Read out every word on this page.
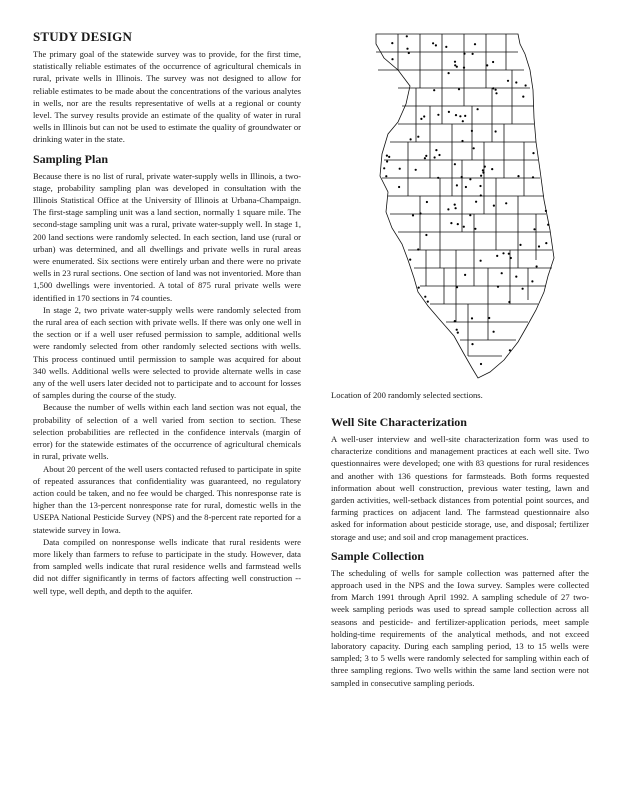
STUDY DESIGN

The primary goal of the statewide survey was to provide, for the first time, statistically reliable estimates of the occurrence of agricultural chemicals in rural, private wells in Illinois. The survey was not designed to allow for reliable estimates to be made about the concentrations of the various analytes in wells, nor are the results representative of wells at a regional or county level. The survey results provide an estimate of the quality of water in rural wells in Illinois but can not be used to estimate the quality of groundwater or drinking water in the state.

Sampling Plan

Because there is no list of rural, private water-supply wells in Illinois, a two-stage, probability sampling plan was developed in consultation with the Illinois Statistical Office at the University of Illinois at Urbana-Champaign. The first-stage sampling unit was a land section, normally 1 square mile. The second-stage sampling unit was a rural, private water-supply well. In stage 1, 200 land sections were randomly selected. In each section, land use (rural or urban) was determined, and all dwellings and private wells in rural areas were enumerated. Six sections were entirely urban and there were no private wells in 23 rural sections. One section of land was not inventoried. More than 1,500 dwellings were inventoried. A total of 875 rural private wells were identified in 170 sections in 74 counties.

In stage 2, two private water-supply wells were randomly selected from the rural area of each section with private wells. If there was only one well in the section or if a well user refused permission to sample, additional wells were randomly selected from other randomly selected sections with wells. This process continued until permission to sample was acquired for about 340 wells. Additional wells were selected to provide alternate wells in case any of the well users later decided not to participate and to account for losses of samples during the course of the study.

Because the number of wells within each land section was not equal, the probability of selection of a well varied from section to section. These selection probabilities are reflected in the confidence intervals (margin of error) for the statewide estimates of the occurrence of agricultural chemicals in rural, private wells.

About 20 percent of the well users contacted refused to participate in spite of repeated assurances that confidentiality was guaranteed, no regulatory action could be taken, and no fee would be charged. This nonresponse rate is higher than the 13-percent nonresponse rate for rural, domestic wells in the USEPA National Pesticide Survey (NPS) and the 8-percent rate reported for a statewide survey in Iowa.

Data compiled on nonresponse wells indicate that rural residents were more likely than farmers to refuse to participate in the study. However, data from sampled wells indicate that rural residence wells and farmstead wells did not differ significantly in terms of factors affecting well construction -- well type, well depth, and depth to the aquifer.

Location of 200 randomly selected sections.
Well Site Characterization

A well-user interview and well-site characterization form was used to characterize conditions and management practices at each well site. Two questionnaires were developed; one with 83 questions for rural residences and another with 136 questions for farmsteads. Both forms requested information about well construction, previous water testing, lawn and garden activities, well-setback distances from potential point sources, and farming practices on adjacent land. The farmstead questionnaire also asked for information about pesticide storage, use, and disposal; fertilizer storage and use; and soil and crop management practices.

Sample Collection

The scheduling of wells for sample collection was patterned after the approach used in the NPS and the Iowa survey. Samples were collected from March 1991 through April 1992. A sampling schedule of 27 two-week sampling periods was used to spread sample collection across all seasons and pesticide- and fertilizer-application periods, meet sample holding-time requirements of the analytical methods, and not exceed laboratory capacity. During each sampling period, 13 to 15 wells were sampled; 3 to 5 wells were randomly selected for sampling within each of three sampling regions. Two wells within the same land section were not sampled in consecutive sampling periods.
